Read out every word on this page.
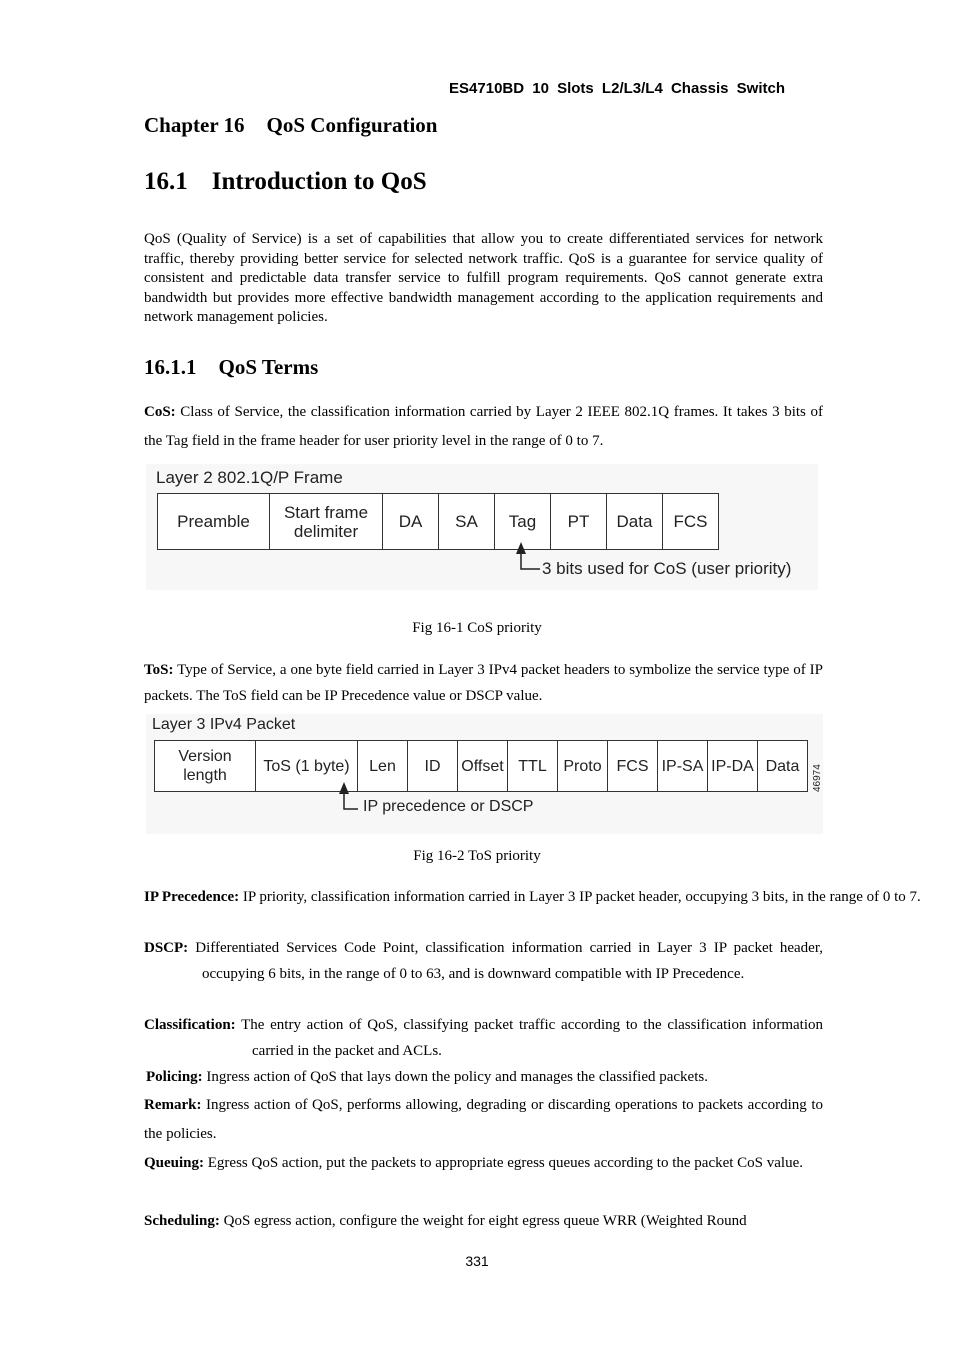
ES4710BD 10 Slots L2/L3/L4 Chassis Switch
Chapter 16 QoS Configuration
16.1 Introduction to QoS
QoS (Quality of Service) is a set of capabilities that allow you to create differentiated services for network traffic, thereby providing better service for selected network traffic. QoS is a guarantee for service quality of consistent and predictable data transfer service to fulfill program requirements. QoS cannot generate extra bandwidth but provides more effective bandwidth management according to the application requirements and network management policies.
16.1.1 QoS Terms
CoS: Class of Service, the classification information carried by Layer 2 IEEE 802.1Q frames. It takes 3 bits of the Tag field in the frame header for user priority level in the range of 0 to 7.
Layer 2 802.1Q/P Frame
Preamble	Start frame delimiter	DA	SA	Tag	PT	Data	FCS
3 bits used for CoS (user priority)
Fig 16-1 CoS priority
ToS: Type of Service, a one byte field carried in Layer 3 IPv4 packet headers to symbolize the service type of IP packets. The ToS field can be IP Precedence value or DSCP value.
Layer 3 IPv4 Packet
Version length
ToS (1 byte)	Len	ID	Offset TTL	Proto FCS IP-SA IP-DA Data	46974
IP precedence or DSCP
Fig 16-2 ToS priority
IP Precedence: IP priority, classification information carried in Layer 3 IP packet header, occupying 3 bits, in the range of 0 to 7.
DSCP: Differentiated Services Code Point, classification information carried in Layer 3 IP packet header, occupying 6 bits, in the range of 0 to 63, and is downward compatible with IP Precedence.
Classification: The entry action of QoS, classifying packet traffic according to the classification information carried in the packet and ACLs.
Policing: Ingress action of QoS that lays down the policy and manages the classified packets.
Remark: Ingress action of QoS, performs allowing, degrading or discarding operations to packets according to the policies.
Queuing: Egress QoS action, put the packets to appropriate egress queues according to the packet CoS value.
Scheduling: QoS egress action, configure the weight for eight egress queue WRR (Weighted Round
331
